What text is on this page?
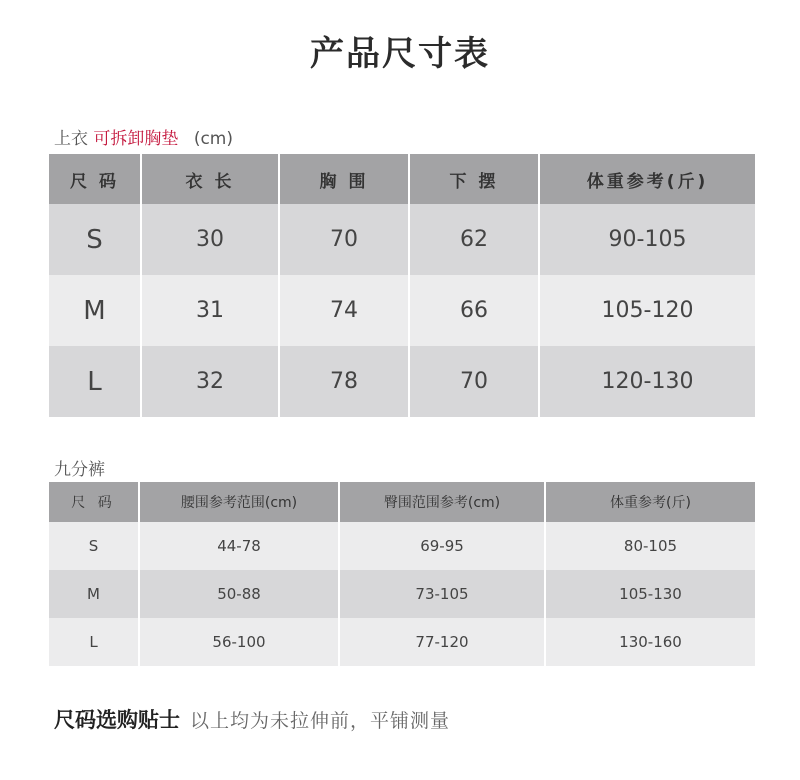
产品尺寸表
上衣 可拆卸胸垫 (cm)
尺 码	衣 长	胸 围	下 摆	体重参考(斤)
S	30	70	62	90-105
M	31	74	66	105-120
L	32	78	70	120-130
九分裤
尺 码	腰围参考范围(cm)	臀围范围参考(cm)	体重参考(斤)
S	44-78	69-95	80-105
M	50-88	73-105	105-130
L	56-100	77-120	130-160
尺码选购贴士 以上均为未拉伸前，平铺测量
